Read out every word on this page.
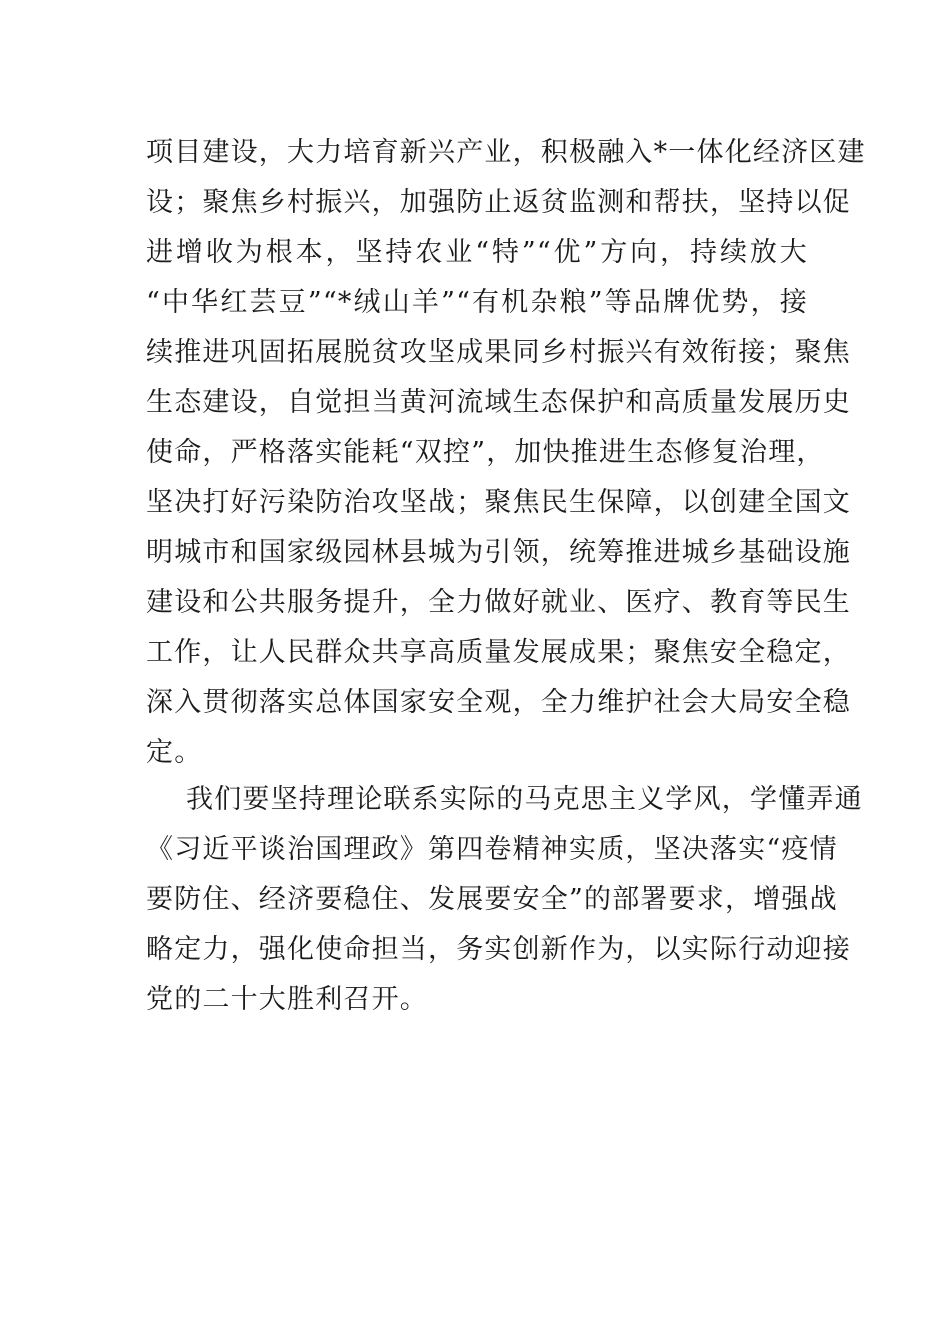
项目建设，大力培育新兴产业，积极融入*一体化经济区建
设；聚焦乡村振兴，加强防止返贫监测和帮扶，坚持以促
进增收为根本，坚持农业“特”“优”方向，持续放大
“中华红芸豆”“*绒山羊”“有机杂粮”等品牌优势，接
续推进巩固拓展脱贫攻坚成果同乡村振兴有效衔接；聚焦
生态建设，自觉担当黄河流域生态保护和高质量发展历史
使命，严格落实能耗“双控”，加快推进生态修复治理，
坚决打好污染防治攻坚战；聚焦民生保障，以创建全国文
明城市和国家级园林县城为引领，统筹推进城乡基础设施
建设和公共服务提升，全力做好就业、医疗、教育等民生
工作，让人民群众共享高质量发展成果；聚焦安全稳定，
深入贯彻落实总体国家安全观，全力维护社会大局安全稳
定。
我们要坚持理论联系实际的马克思主义学风，学懂弄通
《习近平谈治国理政》第四卷精神实质，坚决落实“疫情
要防住、经济要稳住、发展要安全”的部署要求，增强战
略定力，强化使命担当，务实创新作为，以实际行动迎接
党的二十大胜利召开。
